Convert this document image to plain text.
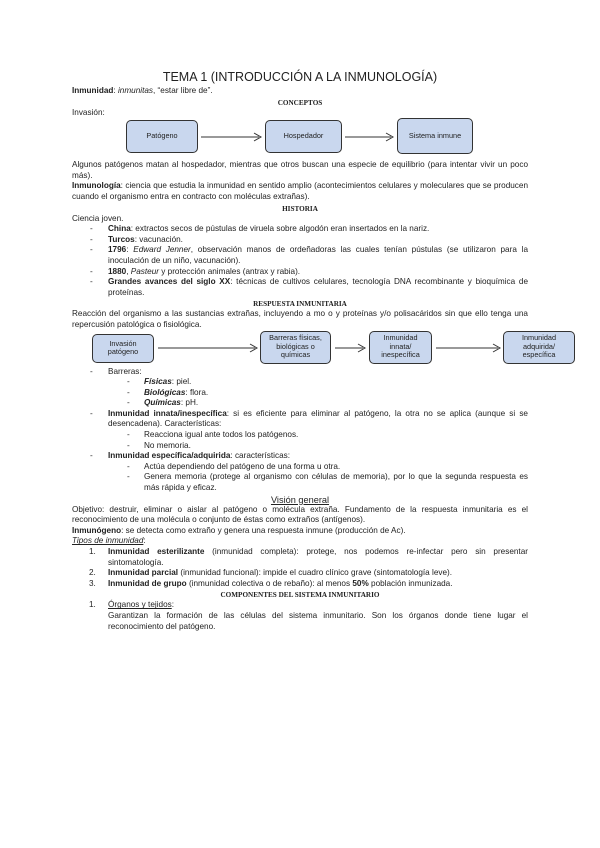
TEMA 1 (INTRODUCCIÓN A LA INMUNOLOGÍA)

Inmunidad: inmunitas, “estar libre de”.

CONCEPTOS

Invasión:

Patógeno	Hospedador	Sistema inmune

Algunos patógenos matan al hospedador, mientras que otros buscan una especie de equilibrio (para intentar vivir un poco más).

Inmunología: ciencia que estudia la inmunidad en sentido amplio (acontecimientos celulares y moleculares que se producen cuando el organismo entra en contracto con moléculas extrañas).

HISTORIA

Ciencia joven.

- China: extractos secos de pústulas de viruela sobre algodón eran insertados en la nariz.
- Turcos: vacunación.
- 1796: Edward Jenner, observación manos de ordeñadoras las cuales tenían pústulas (se utilizaron para la inoculación de un niño, vacunación).
- 1880, Pasteur y protección animales (antrax y rabia).
- Grandes avances del siglo XX: técnicas de cultivos celulares, tecnología DNA recombinante y bioquímica de proteínas.
RESPUESTA INMUNITARIA

Reacción del organismo a las sustancias extrañas, incluyendo a mo o y proteínas y/o polisacáridos sin que ello tenga una repercusión patológica o fisiológica.

Invasión patógeno
Barreras físicas, biológicas o químicas
Inmunidad innata/ inespecífica
Inmunidad adquirida/ específica
- Barreras:
- Físicas: piel.
- Biológicas: flora.
- Químicas: pH.
- Inmunidad innata/inespecífica: si es eficiente para eliminar al patógeno, la otra no se aplica (aunque si se desencadena). Características:
- Reacciona igual ante todos los patógenos.
- No memoria.
- Inmunidad específica/adquirida: características:
- Actúa dependiendo del patógeno de una forma u otra.
- Genera memoria (protege al organismo con células de memoria), por lo que la segunda respuesta es más rápida y eficaz.
Visión general

Objetivo: destruir, eliminar o aislar al patógeno o molécula extraña. Fundamento de la respuesta inmunitaria es el reconocimiento de una molécula o conjunto de éstas como extraños (antígenos).

Inmunógeno: se detecta como extraño y genera una respuesta inmune (producción de Ac).

Tipos de inmunidad:

1. Inmunidad esterilizante (inmunidad completa): protege, nos podemos re-infectar pero sin presentar sintomatología.
2. Inmunidad parcial (inmunidad funcional): impide el cuadro clínico grave (sintomatología leve).
3. Inmunidad de grupo (inmunidad colectiva o de rebaño): al menos 50% población inmunizada.
COMPONENTES DEL SISTEMA INMUNITARIO
1. Órganos y tejidos:
Garantizan la formación de las células del sistema inmunitario. Son los órganos donde tiene lugar el reconocimiento del patógeno.
